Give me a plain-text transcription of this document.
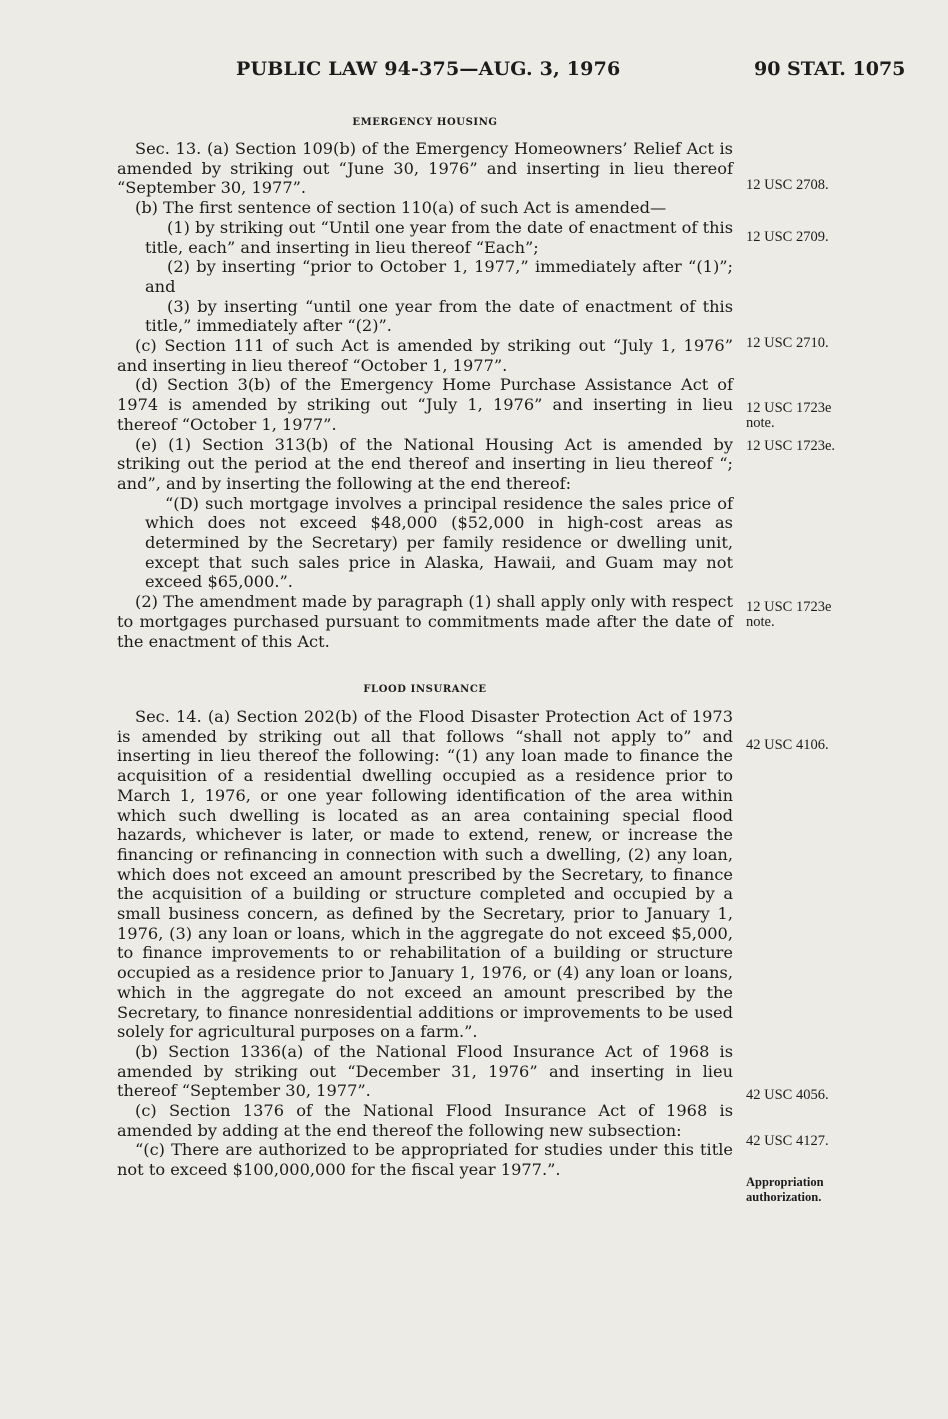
PUBLIC LAW 94-375—AUG. 3, 1976	90 STAT. 1075
EMERGENCY HOUSING

Sec. 13. (a) Section 109(b) of the Emergency Homeowners’ Relief Act is amended by striking out “June 30, 1976” and inserting in lieu thereof “September 30, 1977”.

(b) The first sentence of section 110(a) of such Act is amended—

(1) by striking out “Until one year from the date of enactment of this title, each” and inserting in lieu thereof “Each”;

(2) by inserting “prior to October 1, 1977,” immediately after “(1)”; and

(3) by inserting “until one year from the date of enactment of this title,” immediately after “(2)”.

(c) Section 111 of such Act is amended by striking out “July 1, 1976” and inserting in lieu thereof “October 1, 1977”.

(d) Section 3(b) of the Emergency Home Purchase Assistance Act of 1974 is amended by striking out “July 1, 1976” and inserting in lieu thereof “October 1, 1977”.

(e) (1) Section 313(b) of the National Housing Act is amended by striking out the period at the end thereof and inserting in lieu thereof “; and”, and by inserting the following at the end thereof:

“(D) such mortgage involves a principal residence the sales price of which does not exceed $48,000 ($52,000 in high-cost areas as determined by the Secretary) per family residence or dwelling unit, except that such sales price in Alaska, Hawaii, and Guam may not exceed $65,000.”.

(2) The amendment made by paragraph (1) shall apply only with respect to mortgages purchased pursuant to commitments made after the date of the enactment of this Act.

FLOOD INSURANCE

Sec. 14. (a) Section 202(b) of the Flood Disaster Protection Act of 1973 is amended by striking out all that follows “shall not apply to” and inserting in lieu thereof the following: “(1) any loan made to finance the acquisition of a residential dwelling occupied as a residence prior to March 1, 1976, or one year following identification of the area within which such dwelling is located as an area containing special flood hazards, whichever is later, or made to extend, renew, or increase the financing or refinancing in connection with such a dwelling, (2) any loan, which does not exceed an amount prescribed by the Secretary, to finance the acquisition of a building or structure completed and occupied by a small business concern, as defined by the Secretary, prior to January 1, 1976, (3) any loan or loans, which in the aggregate do not exceed $5,000, to finance improvements to or rehabilitation of a building or structure occupied as a residence prior to January 1, 1976, or (4) any loan or loans, which in the aggregate do not exceed an amount prescribed by the Secretary, to finance nonresidential additions or improvements to be used solely for agricultural purposes on a farm.”.

(b) Section 1336(a) of the National Flood Insurance Act of 1968 is amended by striking out “December 31, 1976” and inserting in lieu thereof “September 30, 1977”.

(c) Section 1376 of the National Flood Insurance Act of 1968 is amended by adding at the end thereof the following new subsection:

“(c) There are authorized to be appropriated for studies under this title not to exceed $100,000,000 for the fiscal year 1977.”.

12 USC 2708.
12 USC 2709.
12 USC 2710.
12 USC 1723e note.
12 USC 1723e.
12 USC 1723e note.
42 USC 4106.
42 USC 4056.
42 USC 4127.
Appropriation authorization.
